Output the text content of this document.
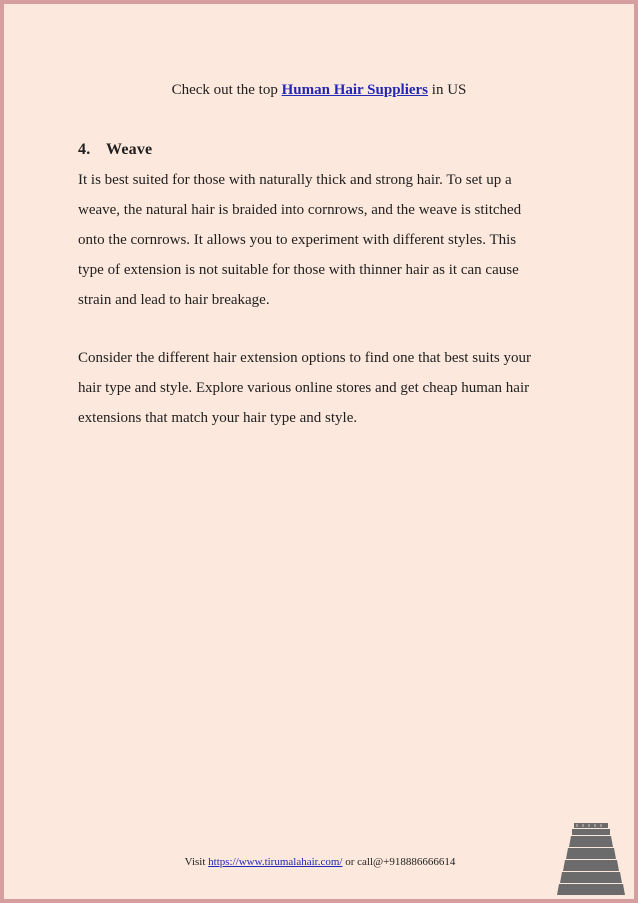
Check out the top Human Hair Suppliers in US
4. Weave
It is best suited for those with naturally thick and strong hair. To set up a
weave, the natural hair is braided into cornrows, and the weave is stitched
onto the cornrows. It allows you to experiment with different styles. This
type of extension is not suitable for those with thinner hair as it can cause
strain and lead to hair breakage.
Consider the different hair extension options to find one that best suits your
hair type and style. Explore various online stores and get cheap human hair
extensions that match your hair type and style.
Visit https://www.tirumalahair.com/ or call@+918886666614
